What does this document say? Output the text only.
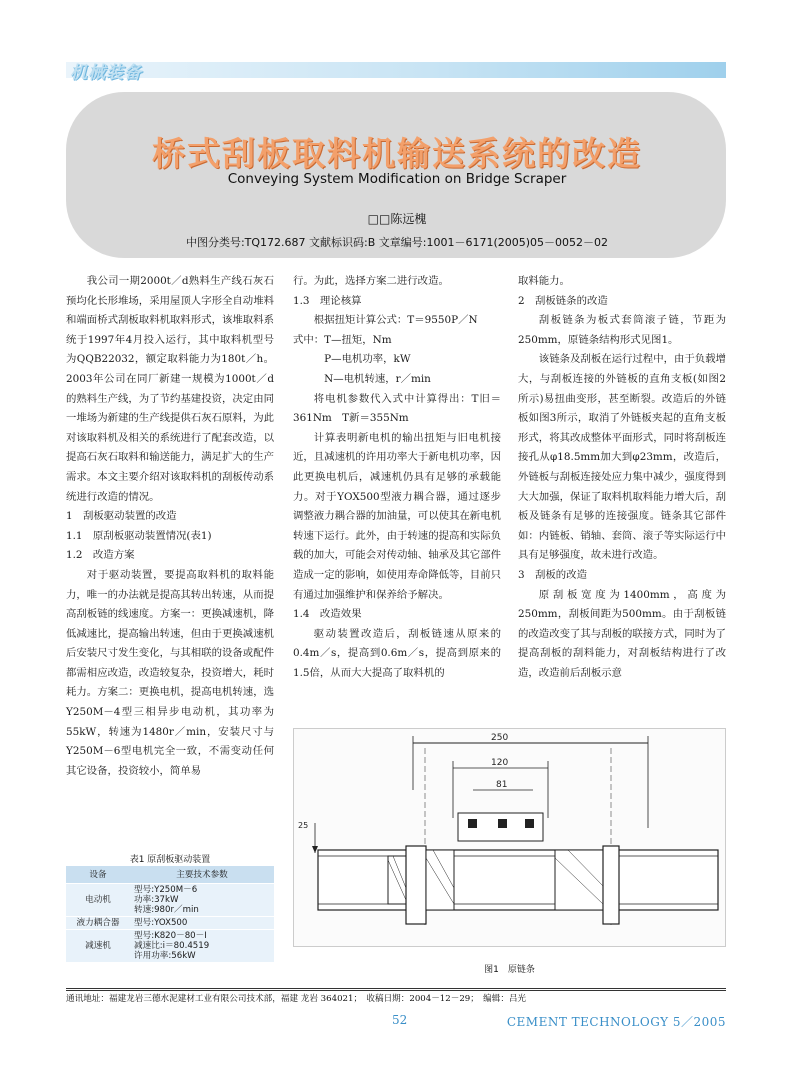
机械装备
桥式刮板取料机输送系统的改造
Conveying System Modification on Bridge Scraper
□□陈远槐
中图分类号:TQ172.687 文献标识码:B 文章编号:1001－6171(2005)05－0052－02

我公司一期2000t／d熟料生产线石灰石预均化长形堆场，采用屋顶人字形全自动堆料和端面桥式刮板取料机取料形式，该堆取料系统于1997年4月投入运行，其中取料机型号为QQB22032，额定取料能力为180t／h。2003年公司在同厂新建一规模为1000t／d的熟料生产线，为了节约基建投资，决定由同一堆场为新建的生产线提供石灰石原料，为此对该取料机及相关的系统进行了配套改造，以提高石灰石取料和输送能力，满足扩大的生产需求。本文主要介绍对该取料机的刮板传动系统进行改造的情况。

1　刮板驱动装置的改造

1.1　原刮板驱动装置情况(表1)

1.2　改造方案

对于驱动装置，要提高取料机的取料能力，唯一的办法就是提高其转出转速，从而提高刮板链的线速度。方案一：更换减速机，降低减速比，提高输出转速，但由于更换减速机后安装尺寸发生变化，与其相联的设备或配件都需相应改造，改造较复杂，投资增大，耗时耗力。方案二：更换电机，提高电机转速，选Y250M－4型三相异步电动机，其功率为55kW，转速为1480r／min，安装尺寸与Y250M－6型电机完全一致，不需变动任何其它设备，投资较小，简单易

行。为此，选择方案二进行改造。

1.3　理论核算

根据扭矩计算公式：T＝9550P／N

式中：T—扭矩，Nm

　P—电机功率，kW

　N—电机转速，r／min

将电机参数代入式中计算得出：T旧＝361Nm　T新＝355Nm

计算表明新电机的输出扭矩与旧电机接近，且减速机的许用功率大于新电机功率，因此更换电机后，减速机仍具有足够的承载能力。对于YOX500型液力耦合器，通过逐步调整液力耦合器的加油量，可以使其在新电机转速下运行。此外，由于转速的提高和实际负载的加大，可能会对传动轴、轴承及其它部件造成一定的影响，如使用寿命降低等，目前只有通过加强维护和保养给予解决。

1.4　改造效果

驱动装置改造后，刮板链速从原来的0.4m／s，提高到0.6m／s，提高到原来的1.5倍，从而大大提高了取料机的

取料能力。

2　刮板链条的改造

刮板链条为板式套筒滚子链，节距为250mm，原链条结构形式见图1。

该链条及刮板在运行过程中，由于负载增大，与刮板连接的外链板的直角支板(如图2所示)易扭曲变形，甚至断裂。改造后的外链板如图3所示，取消了外链板夹起的直角支板形式，将其改成整体平面形式，同时将刮板连接孔从φ18.5mm加大到φ23mm，改造后，外链板与刮板连接处应力集中减少，强度得到大大加强，保证了取料机取料能力增大后，刮板及链条有足够的连接强度。链条其它部件如：内链板、销轴、套筒、滚子等实际运行中具有足够强度，故未进行改造。

3　刮板的改造

原刮板宽度为1400mm，高度为250mm，刮板间距为500mm。由于刮板链的改造改变了其与刮板的联接方式，同时为了提高刮板的刮料能力，对刮板结构进行了改造，改造前后刮板示意

表1 原刮板驱动装置
设备	主要技术参数
电动机	型号:Y250M－6
功率:37kW
转速:980r／min

液力耦合器	型号:YOX500

减速机	型号:K820－80－I
减速比:i＝80.4519
许用功率:56kW
250
120
81
25
图1　原链条
通讯地址：福建龙岩三德水泥建材工业有限公司技术部，福建 龙岩 364021；　收稿日期：2004－12－29；　编辑：吕光
52	CEMENT TECHNOLOGY 5／2005
